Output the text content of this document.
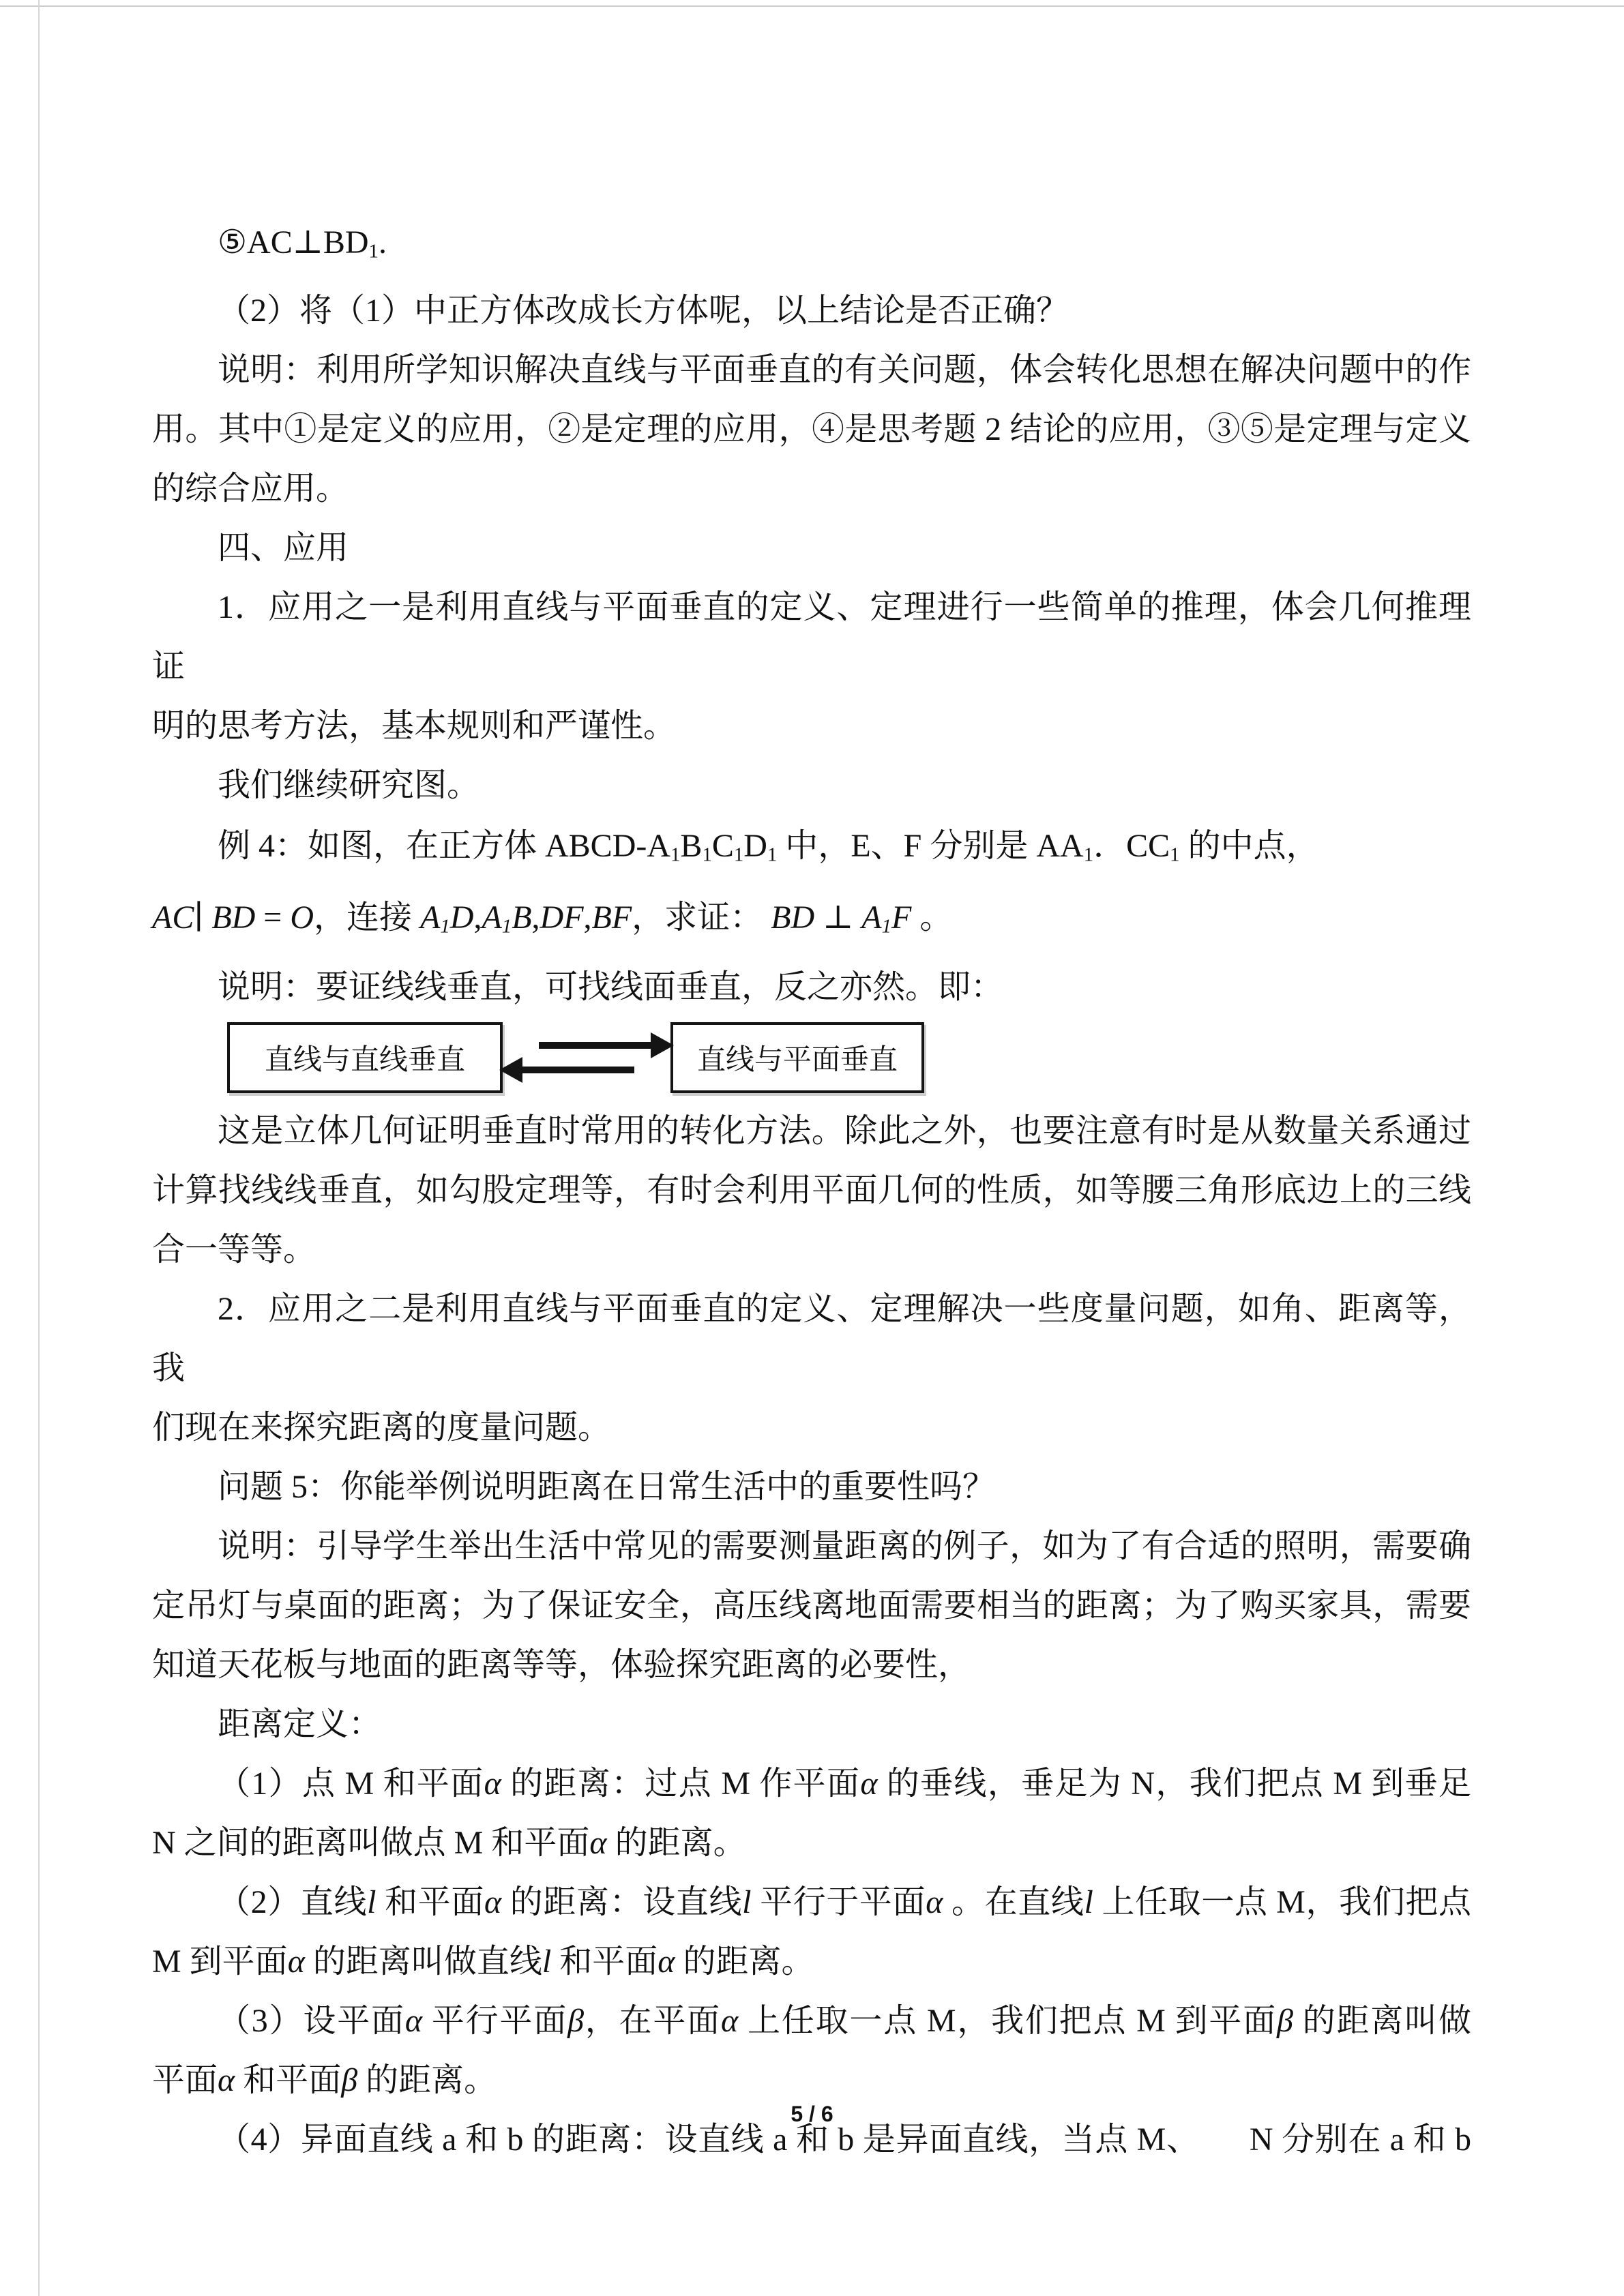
⑤AC⊥BD1.

（2）将（1）中正方体改成长方体呢，以上结论是否正确？

说明：利用所学知识解决直线与平面垂直的有关问题，体会转化思想在解决问题中的作

用。其中①是定义的应用，②是定理的应用，④是思考题 2 结论的应用，③⑤是定理与定义

的综合应用。

四、应用

1．应用之一是利用直线与平面垂直的定义、定理进行一些简单的推理，体会几何推理证

明的思考方法，基本规则和严谨性。

我们继续研究图。

例 4：如图，在正方体 ABCD-A1B1C1D1 中，E、F 分别是 AA1．CC1 的中点，

AC∣ BD = O，连接 A1D,A1B,DF,BF，求证： BD ⊥ A1F 。

说明：要证线线垂直，可找线面垂直，反之亦然。即：

直线与直线垂直	直线与平面垂直

这是立体几何证明垂直时常用的转化方法。除此之外，也要注意有时是从数量关系通过

计算找线线垂直，如勾股定理等，有时会利用平面几何的性质，如等腰三角形底边上的三线

合一等等。

2．应用之二是利用直线与平面垂直的定义、定理解决一些度量问题，如角、距离等，我

们现在来探究距离的度量问题。

问题 5：你能举例说明距离在日常生活中的重要性吗？

说明：引导学生举出生活中常见的需要测量距离的例子，如为了有合适的照明，需要确

定吊灯与桌面的距离；为了保证安全，高压线离地面需要相当的距离；为了购买家具，需要

知道天花板与地面的距离等等，体验探究距离的必要性，

距离定义：

（1）点 M 和平面α 的距离：过点 M 作平面α 的垂线，垂足为 N，我们把点 M 到垂足

N 之间的距离叫做点 M 和平面α 的距离。

（2）直线l 和平面α 的距离：设直线l 平行于平面α 。在直线l 上任取一点 M，我们把点

M 到平面α 的距离叫做直线l 和平面α 的距离。

（3）设平面α 平行平面β，在平面α 上任取一点 M，我们把点 M 到平面β 的距离叫做

平面α 和平面β 的距离。

（4）异面直线 a 和 b 的距离：设直线 a 和 b 是异面直线，当点 M、　　 N 分别在 a 和 b

5 / 6
